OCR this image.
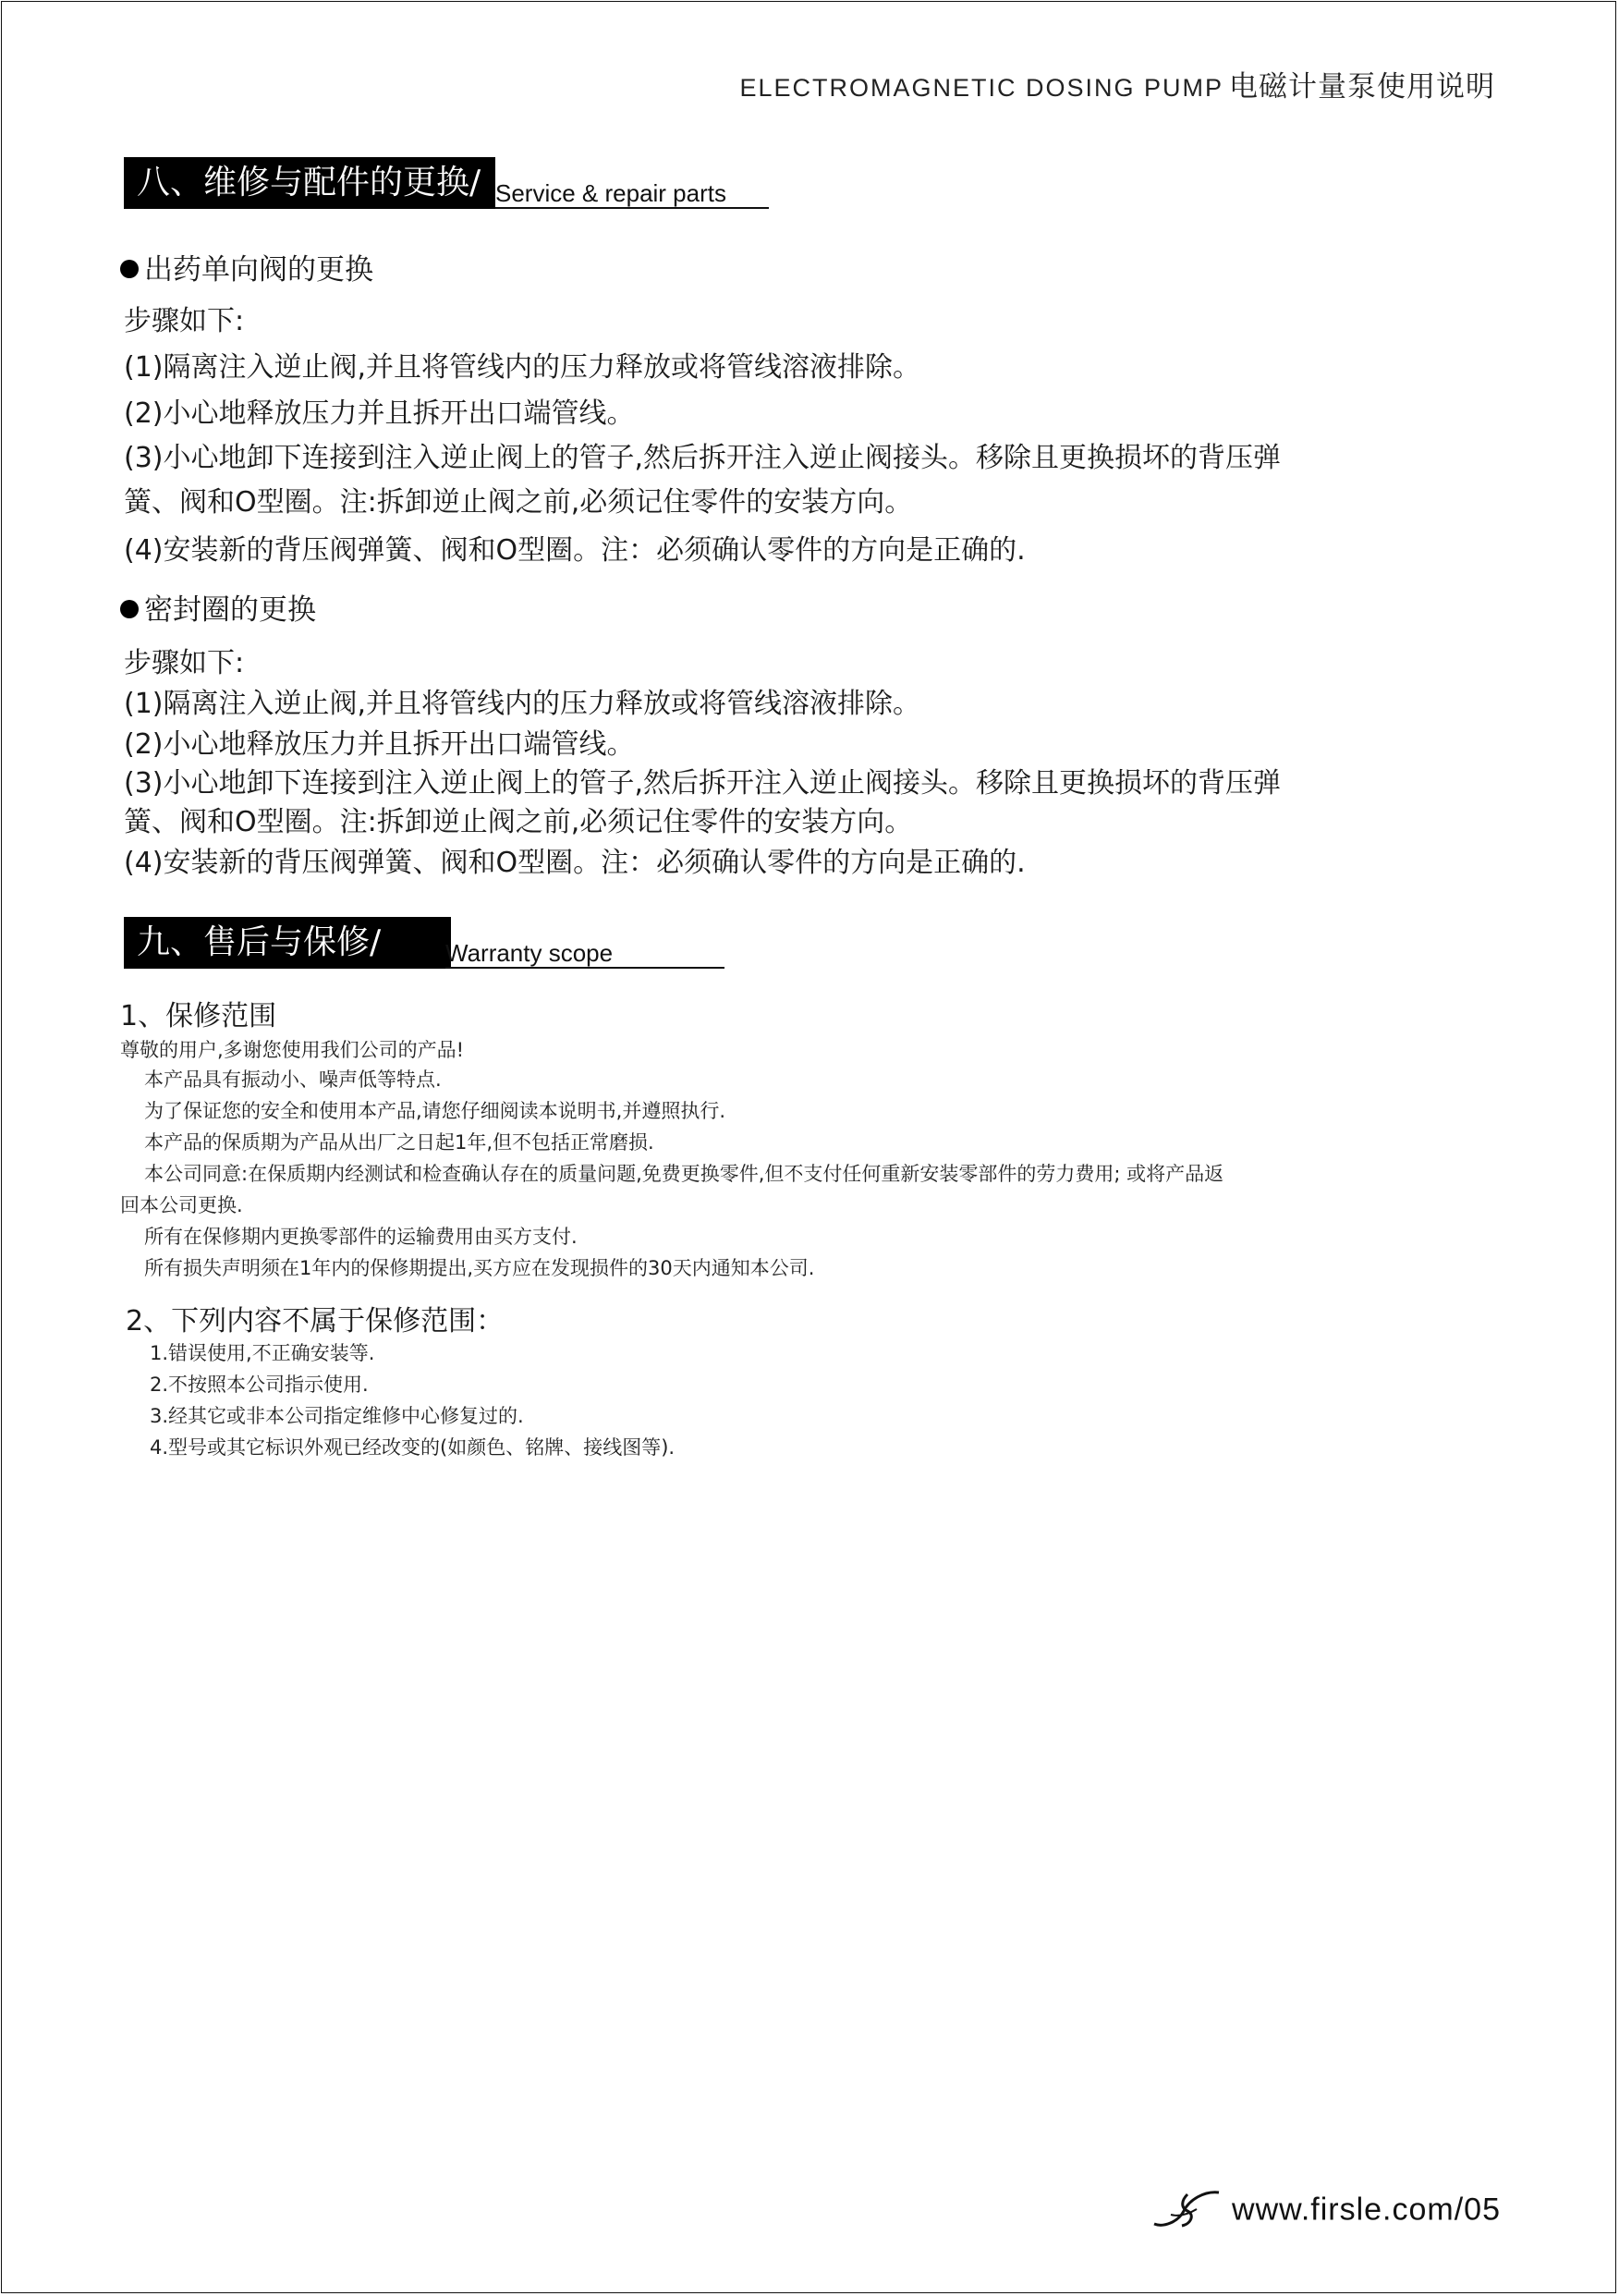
ELECTROMAGNETIC DOSING PUMP 电磁计量泵使用说明
八、维修与配件的更换/ Service & repair parts
出药单向阀的更换
步骤如下:
(1)隔离注入逆止阀,并且将管线内的压力释放或将管线溶液排除。
(2)小心地释放压力并且拆开出口端管线。
(3)小心地卸下连接到注入逆止阀上的管子,然后拆开注入逆止阀接头。移除且更换损坏的背压弹
簧、阀和O型圈。注:拆卸逆止阀之前,必须记住零件的安装方向。
(4)安装新的背压阀弹簧、阀和O型圈。注：必须确认零件的方向是正确的.
密封圈的更换
步骤如下:
(1)隔离注入逆止阀,并且将管线内的压力释放或将管线溶液排除。
(2)小心地释放压力并且拆开出口端管线。
(3)小心地卸下连接到注入逆止阀上的管子,然后拆开注入逆止阀接头。移除且更换损坏的背压弹
簧、阀和O型圈。注:拆卸逆止阀之前,必须记住零件的安装方向。
(4)安装新的背压阀弹簧、阀和O型圈。注：必须确认零件的方向是正确的.
九、售后与保修/	Warranty scope
1、保修范围
尊敬的用户,多谢您使用我们公司的产品!
本产品具有振动小、噪声低等特点.
为了保证您的安全和使用本产品,请您仔细阅读本说明书,并遵照执行.
本产品的保质期为产品从出厂之日起1年,但不包括正常磨损.
本公司同意:在保质期内经测试和检查确认存在的质量问题,免费更换零件,但不支付任何重新安装零部件的劳力费用; 或将产品返
回本公司更换.
所有在保修期内更换零部件的运输费用由买方支付.
所有损失声明须在1年内的保修期提出,买方应在发现损件的30天内通知本公司.
2、下列内容不属于保修范围：
1.错误使用,不正确安装等.
2.不按照本公司指示使用.
3.经其它或非本公司指定维修中心修复过的.
4.型号或其它标识外观已经改变的(如颜色、铭牌、接线图等).
www.firsle.com/05
